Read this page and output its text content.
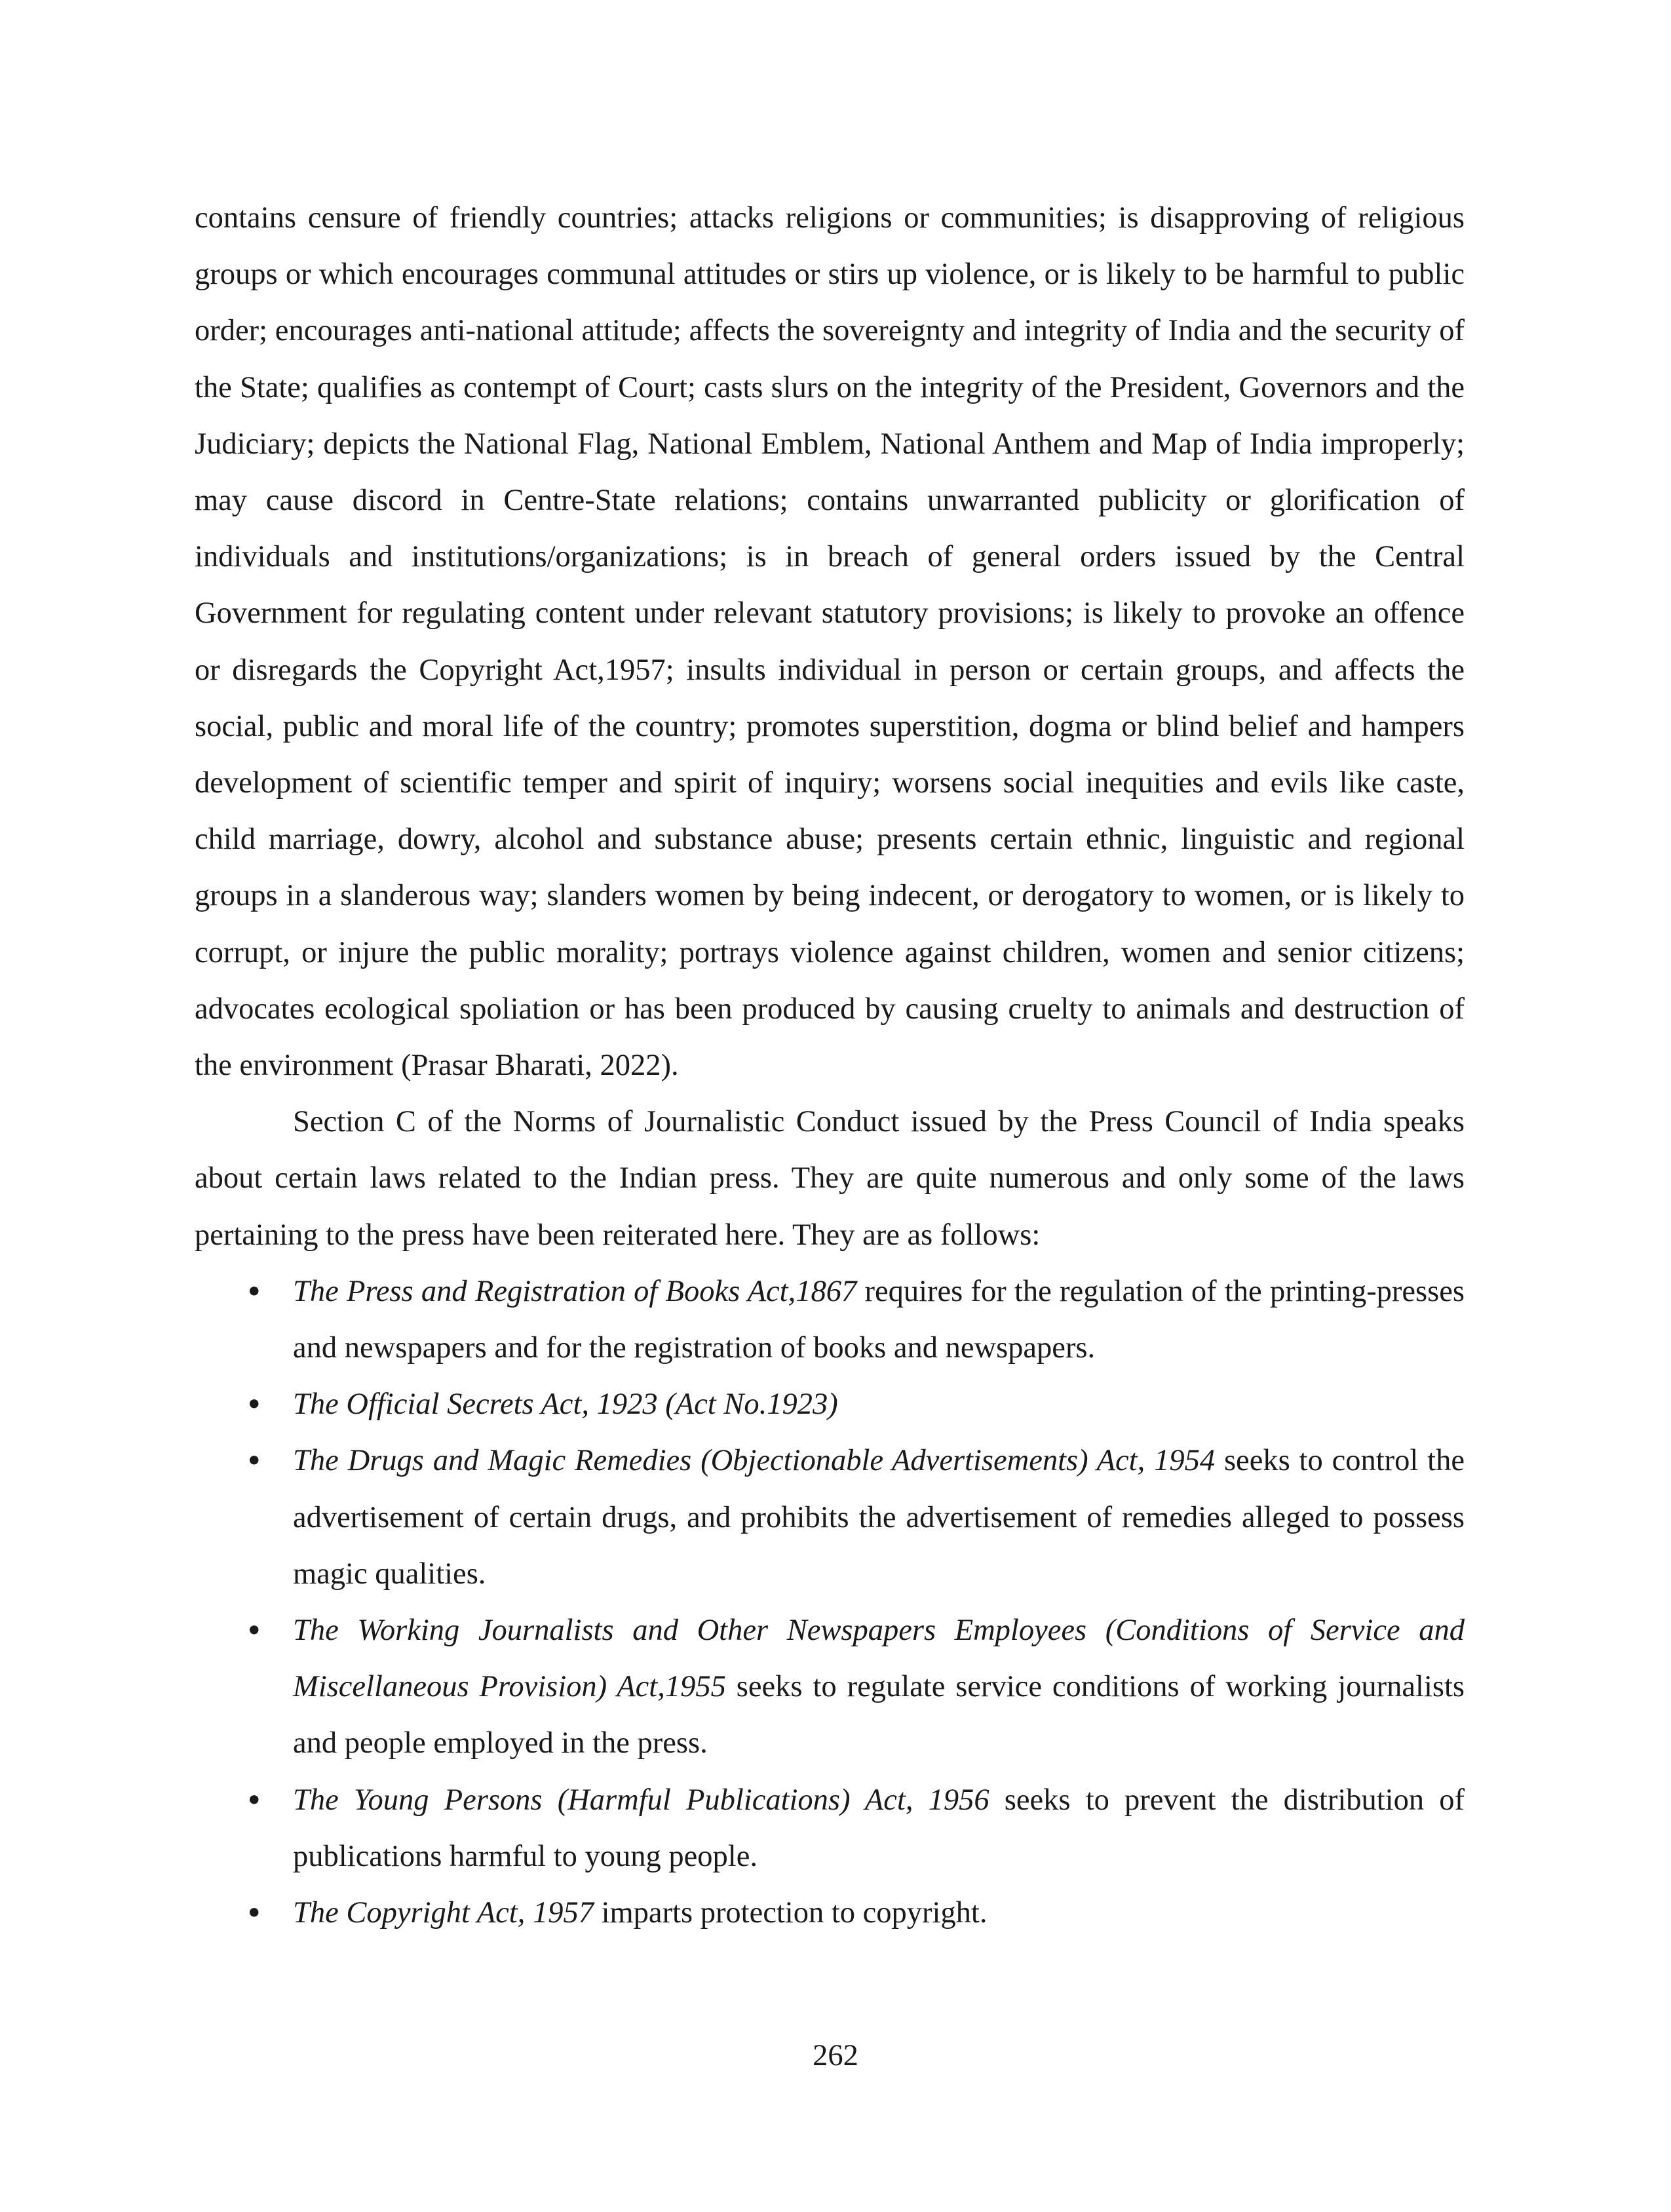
contains censure of friendly countries; attacks religions or communities; is disapproving of religious groups or which encourages communal attitudes or stirs up violence, or is likely to be harmful to public order; encourages anti-national attitude; affects the sovereignty and integrity of India and the security of the State; qualifies as contempt of Court; casts slurs on the integrity of the President, Governors and the Judiciary; depicts the National Flag, National Emblem, National Anthem and Map of India improperly; may cause discord in Centre-State relations; contains unwarranted publicity or glorification of individuals and institutions/organizations; is in breach of general orders issued by the Central Government for regulating content under relevant statutory provisions; is likely to provoke an offence or disregards the Copyright Act,1957; insults individual in person or certain groups, and affects the social, public and moral life of the country; promotes superstition, dogma or blind belief and hampers development of scientific temper and spirit of inquiry; worsens social inequities and evils like caste, child marriage, dowry, alcohol and substance abuse; presents certain ethnic, linguistic and regional groups in a slanderous way; slanders women by being indecent, or derogatory to women, or is likely to corrupt, or injure the public morality; portrays violence against children, women and senior citizens; advocates ecological spoliation or has been produced by causing cruelty to animals and destruction of the environment (Prasar Bharati, 2022).

Section C of the Norms of Journalistic Conduct issued by the Press Council of India speaks about certain laws related to the Indian press. They are quite numerous and only some of the laws pertaining to the press have been reiterated here. They are as follows:

• The Press and Registration of Books Act,1867 requires for the regulation of the printing-presses and newspapers and for the registration of books and newspapers.
• The Official Secrets Act, 1923 (Act No.1923)
• The Drugs and Magic Remedies (Objectionable Advertisements) Act, 1954 seeks to control the advertisement of certain drugs, and prohibits the advertisement of remedies alleged to possess magic qualities.
• The Working Journalists and Other Newspapers Employees (Conditions of Service and Miscellaneous Provision) Act,1955 seeks to regulate service conditions of working journalists and people employed in the press.
• The Young Persons (Harmful Publications) Act, 1956 seeks to prevent the distribution of publications harmful to young people.
• The Copyright Act, 1957 imparts protection to copyright.
262
